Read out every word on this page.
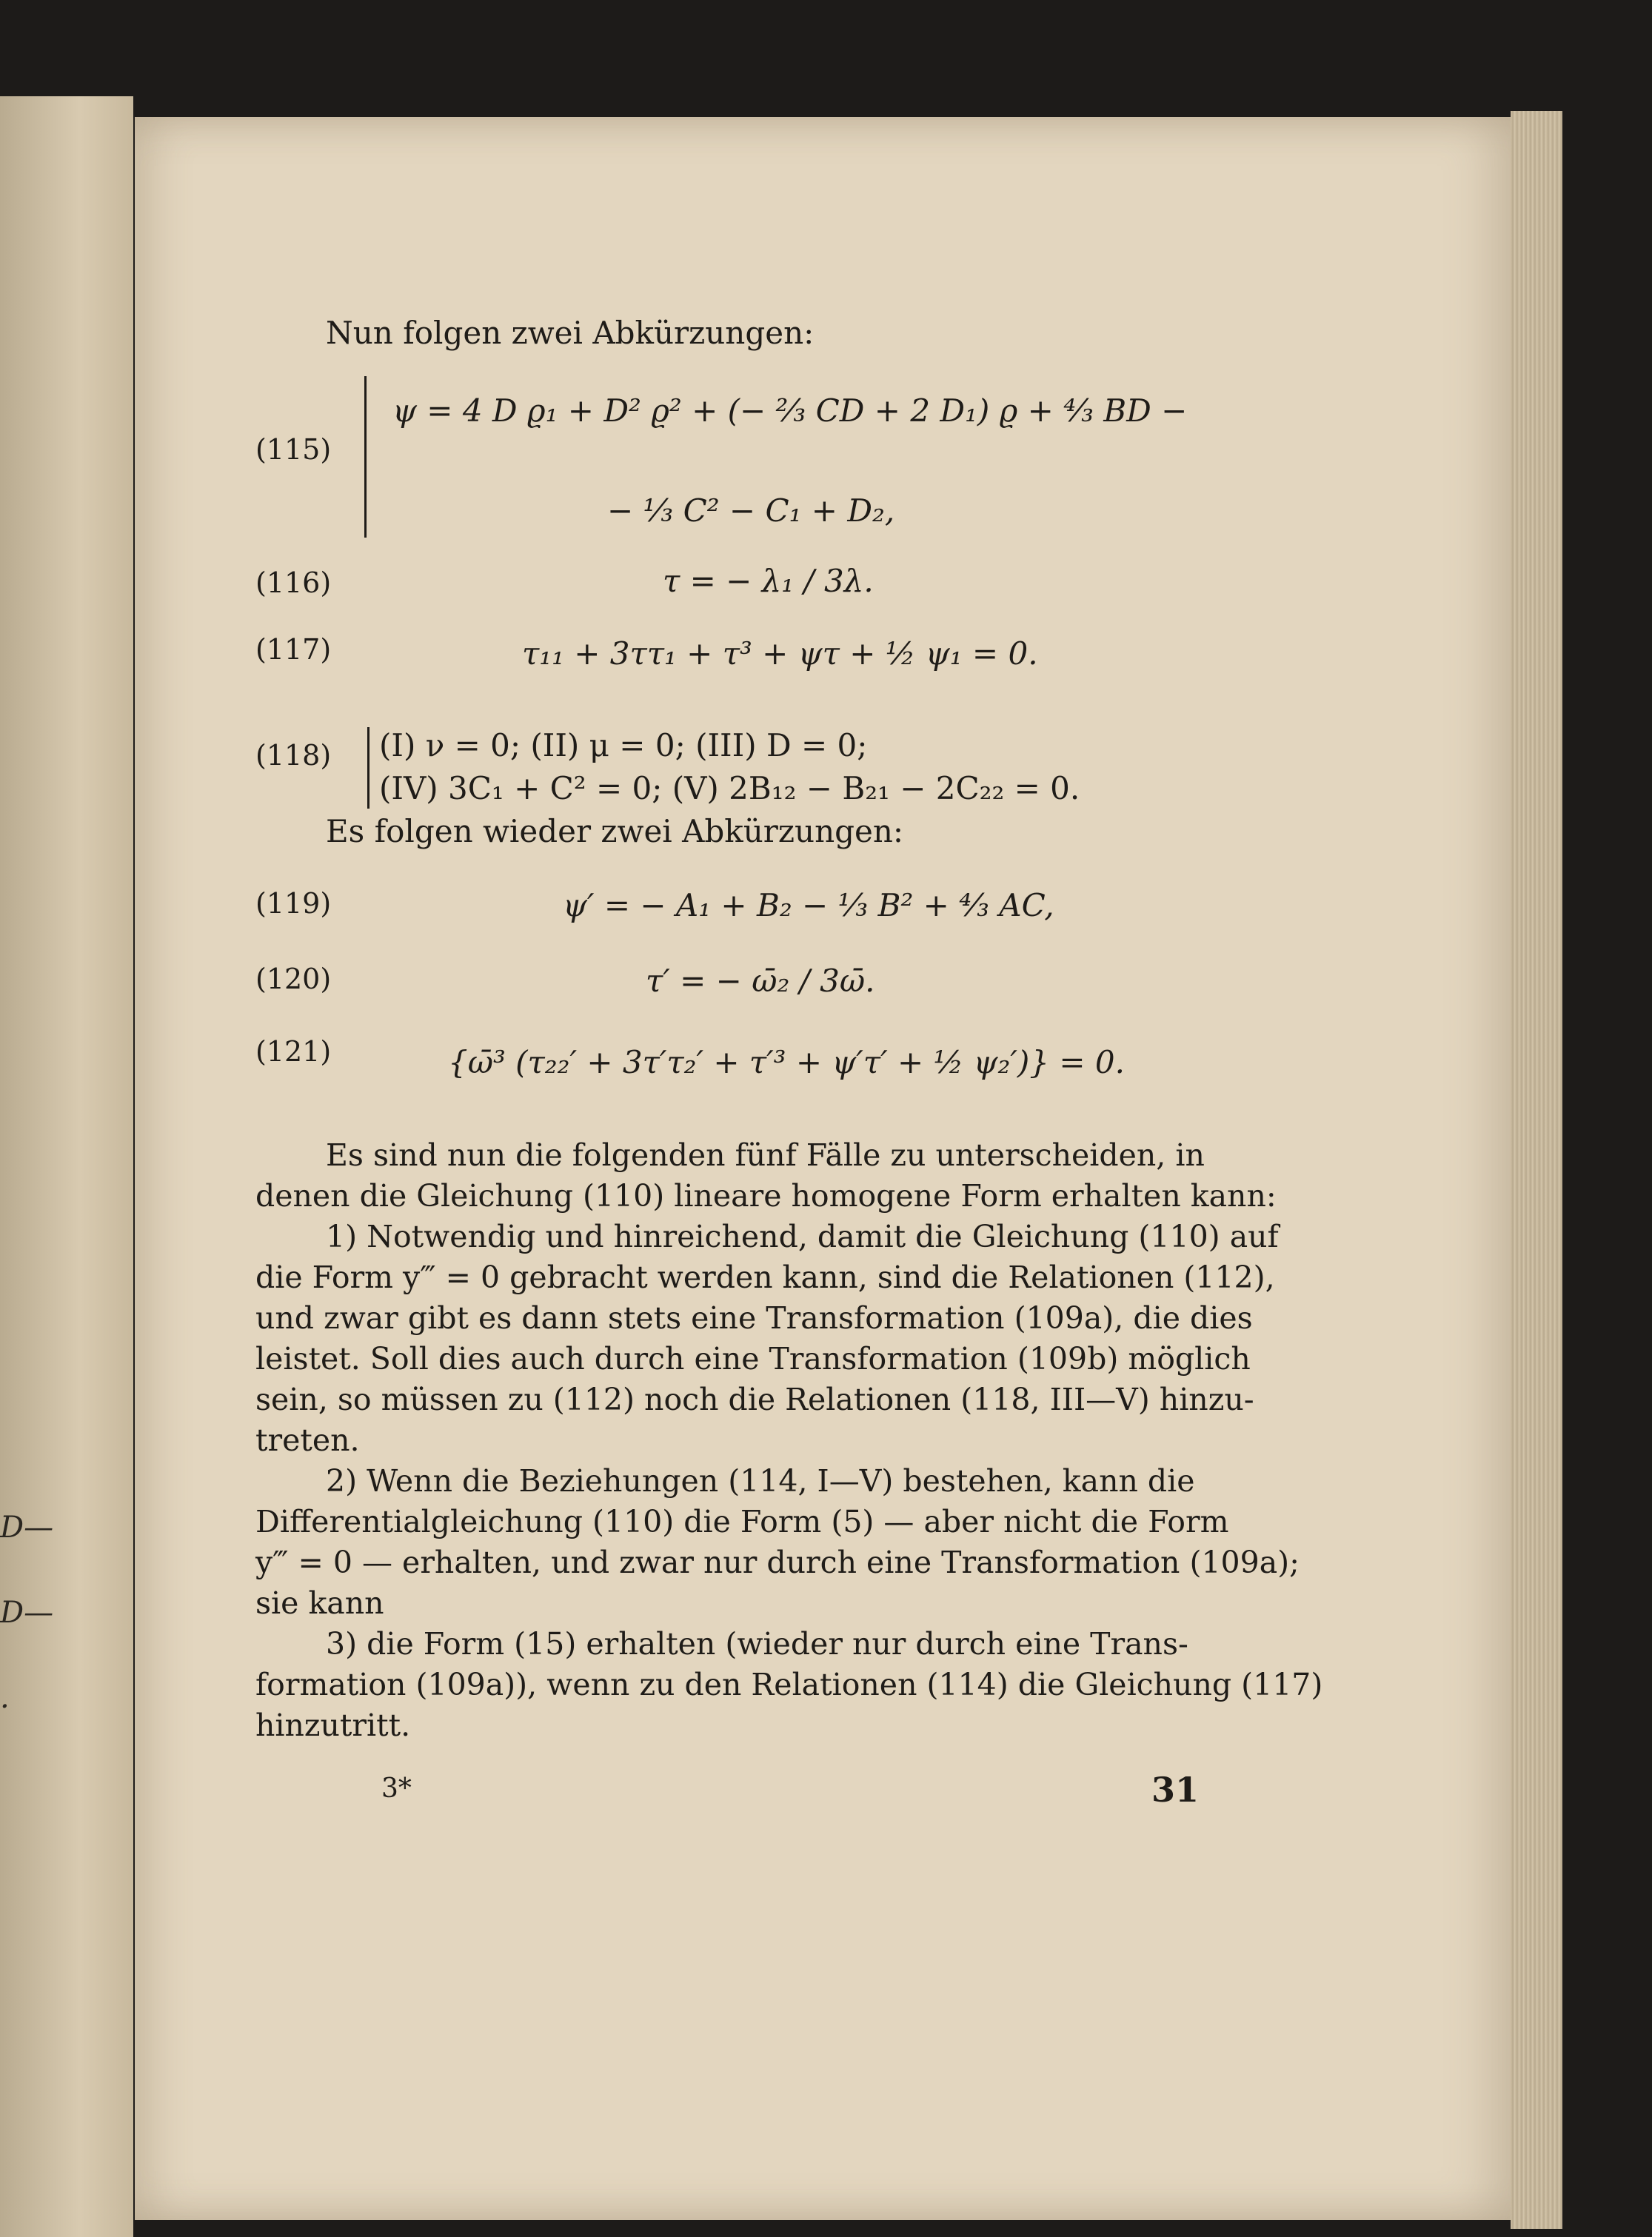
D—
D—
.
Nun folgen zwei Abkürzungen:
(115)
ψ = 4 D ϱ₁ + D² ϱ² + (− ⅔ CD + 2 D₁) ϱ + ⁴⁄₃ BD −
− ⅓ C² − C₁ + D₂,
(116)	τ = − λ₁ / 3λ.
(117)	τ₁₁ + 3ττ₁ + τ³ + ψτ + ½ ψ₁ = 0.
(118) (I) ν = 0; (II) μ = 0; (III) D = 0;
(IV) 3C₁ + C² = 0; (V) 2B₁₂ − B₂₁ − 2C₂₂ = 0.
Es folgen wieder zwei Abkürzungen:
(119)	ψ′ = − A₁ + B₂ − ⅓ B² + ⁴⁄₃ AC,
(120)	τ′ = − ω̄₂ / 3ω̄.
(121)	{ω̄³ (τ₂₂′ + 3τ′τ₂′ + τ′³ + ψ′τ′ + ½ ψ₂′)} = 0.
Es sind nun die folgenden fünf Fälle zu unterscheiden, in
denen die Gleichung (110) lineare homogene Form erhalten kann:
1) Notwendig und hinreichend, damit die Gleichung (110) auf
die Form y‴ = 0 gebracht werden kann, sind die Relationen (112),
und zwar gibt es dann stets eine Transformation (109a), die dies
leistet. Soll dies auch durch eine Transformation (109b) möglich
sein, so müssen zu (112) noch die Relationen (118, III—V) hinzu-
treten.
2) Wenn die Beziehungen (114, I—V) bestehen, kann die
Differentialgleichung (110) die Form (5) — aber nicht die Form
y‴ = 0 — erhalten, und zwar nur durch eine Transformation (109a);
sie kann
3) die Form (15) erhalten (wieder nur durch eine Trans-
formation (109a)), wenn zu den Relationen (114) die Gleichung (117)
hinzutritt.
3*	31
